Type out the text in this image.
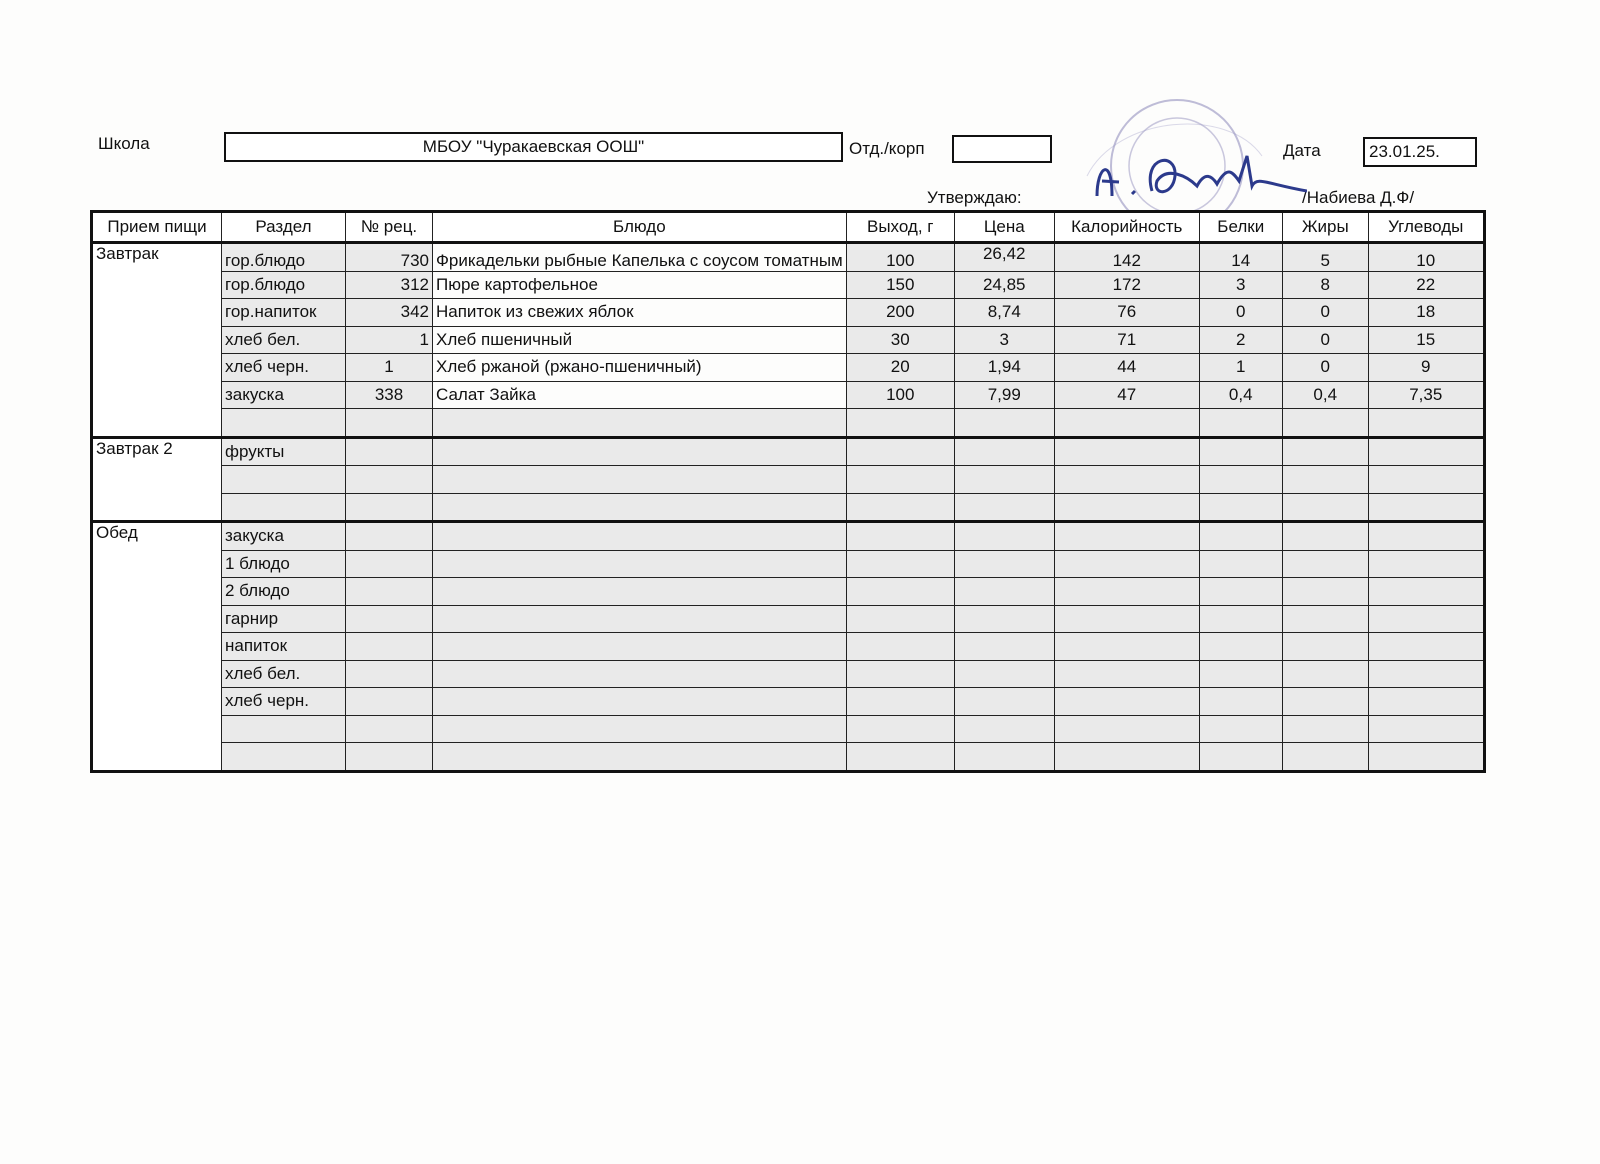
Школа	МБОУ "Чуракаевская ООШ"	Отд./корп	Дата	23.01.25.
Утверждаю:	/Набиева Д.Ф/
Прием пищи	Раздел	№ рец.	Блюдо	Выход, г	Цена	Калорийность	Белки	Жиры	Углеводы
Завтрак	гор.блюдо	730	Фрикадельки рыбные Капелька с соусом томатным	100	26,42	142	14	5	10
	гор.блюдо	312	Пюре картофельное	150	24,85	172	3	8	22
	гор.напиток	342	Напиток из свежих яблок	200	8,74	76	0	0	18
	хлеб бел.	1	Хлеб пшеничный	30	3	71	2	0	15
	хлеб черн.	1	Хлеб ржаной (ржано-пшеничный)	20	1,94	44	1	0	9
	закуска	338	Салат Зайка	100	7,99	47	0,4	0,4	7,35

Завтрак 2	фрукты								

Обед	закуска								
	1 блюдо								
	2 блюдо								
	гарнир								
	напиток								
	хлеб бел.								
	хлеб черн.								
